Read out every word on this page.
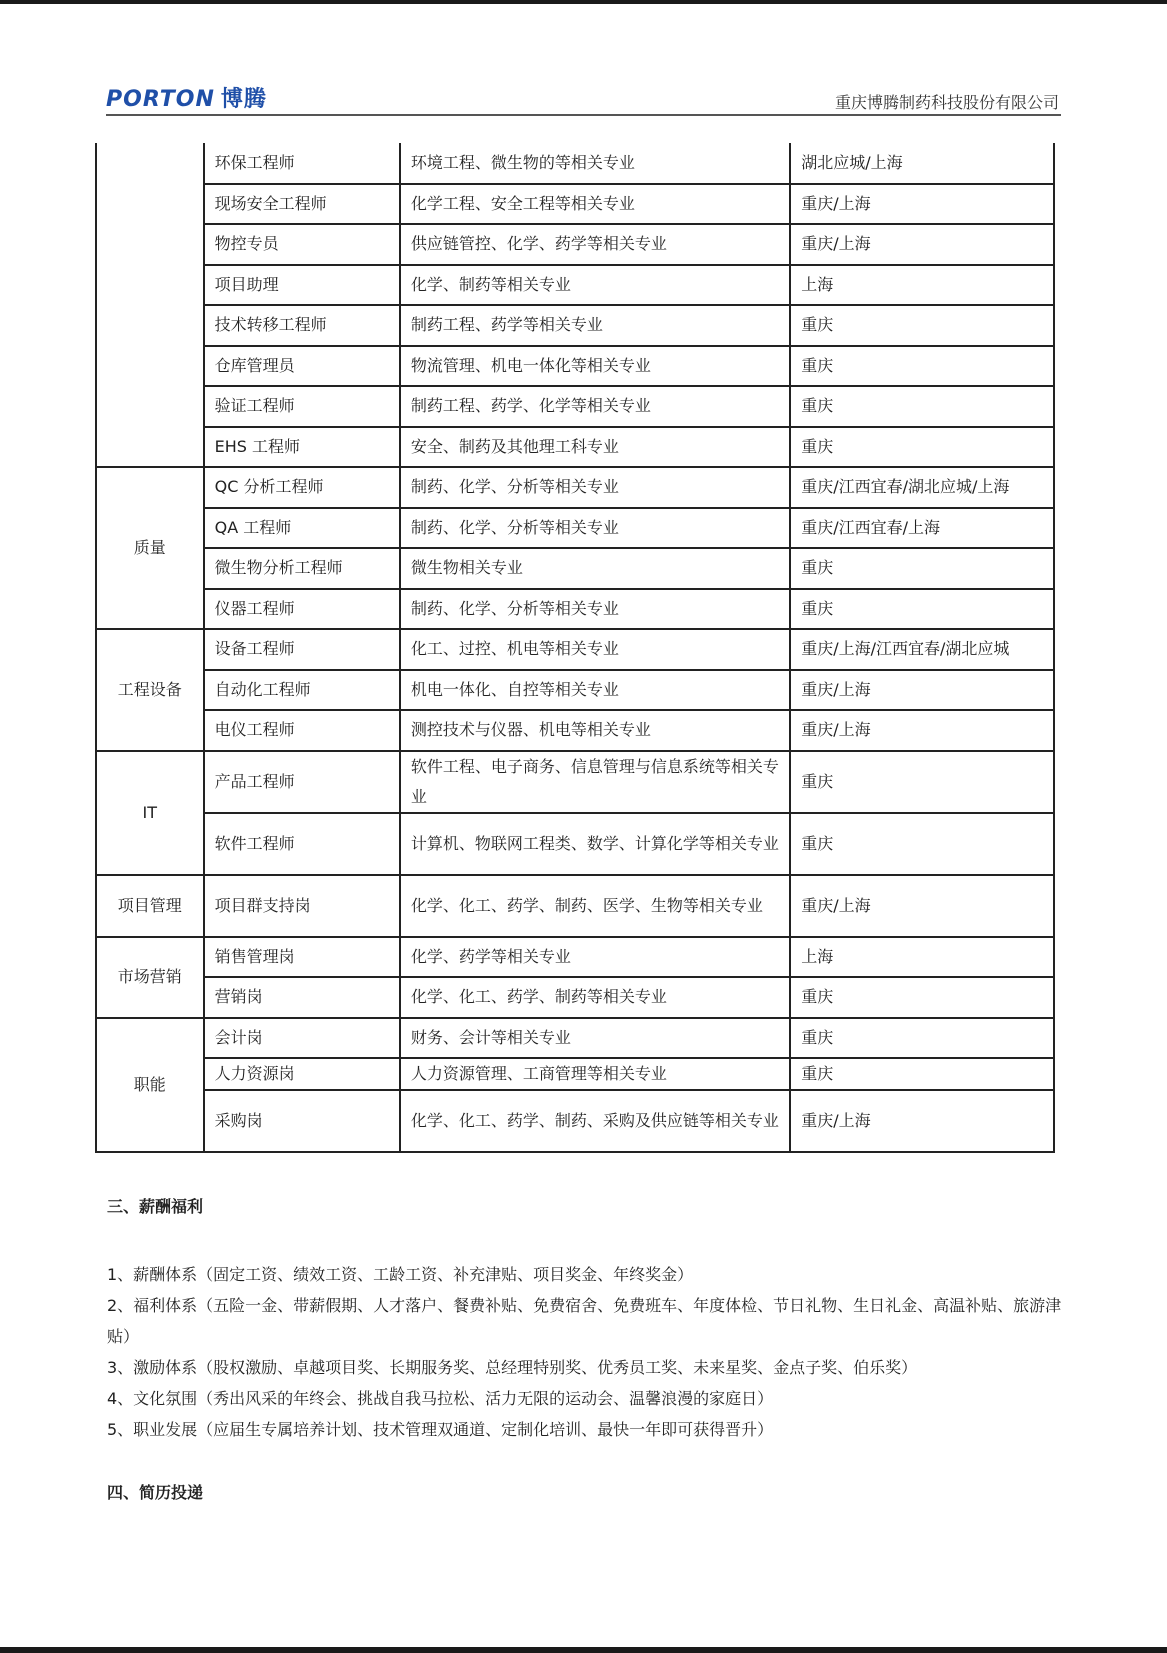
PORTON 博腾	重庆博腾制药科技股份有限公司
	环保工程师	环境工程、微生物的等相关专业	湖北应城/上海
	现场安全工程师	化学工程、安全工程等相关专业	重庆/上海
	物控专员	供应链管控、化学、药学等相关专业	重庆/上海
	项目助理	化学、制药等相关专业	上海
	技术转移工程师	制药工程、药学等相关专业	重庆
	仓库管理员	物流管理、机电一体化等相关专业	重庆
	验证工程师	制药工程、药学、化学等相关专业	重庆
	EHS 工程师	安全、制药及其他理工科专业	重庆
质量	QC 分析工程师	制药、化学、分析等相关专业	重庆/江西宜春/湖北应城/上海
	QA 工程师	制药、化学、分析等相关专业	重庆/江西宜春/上海
	微生物分析工程师	微生物相关专业	重庆
	仪器工程师	制药、化学、分析等相关专业	重庆
工程设备	设备工程师	化工、过控、机电等相关专业	重庆/上海/江西宜春/湖北应城
	自动化工程师	机电一体化、自控等相关专业	重庆/上海
	电仪工程师	测控技术与仪器、机电等相关专业	重庆/上海
IT	产品工程师	软件工程、电子商务、信息管理与信息系统等相关专业	重庆
	软件工程师	计算机、物联网工程类、数学、计算化学等相关专业	重庆
项目管理	项目群支持岗	化学、化工、药学、制药、医学、生物等相关专业	重庆/上海
市场营销	销售管理岗	化学、药学等相关专业	上海
	营销岗	化学、化工、药学、制药等相关专业	重庆
职能	会计岗	财务、会计等相关专业	重庆
	人力资源岗	人力资源管理、工商管理等相关专业	重庆
	采购岗	化学、化工、药学、制药、采购及供应链等相关专业	重庆/上海
三、薪酬福利
1、薪酬体系（固定工资、绩效工资、工龄工资、补充津贴、项目奖金、年终奖金）
2、福利体系（五险一金、带薪假期、人才落户、餐费补贴、免费宿舍、免费班车、年度体检、节日礼物、生日礼金、高温补贴、旅游津贴）
3、激励体系（股权激励、卓越项目奖、长期服务奖、总经理特别奖、优秀员工奖、未来星奖、金点子奖、伯乐奖）
4、文化氛围（秀出风采的年终会、挑战自我马拉松、活力无限的运动会、温馨浪漫的家庭日）
5、职业发展（应届生专属培养计划、技术管理双通道、定制化培训、最快一年即可获得晋升）
四、简历投递
